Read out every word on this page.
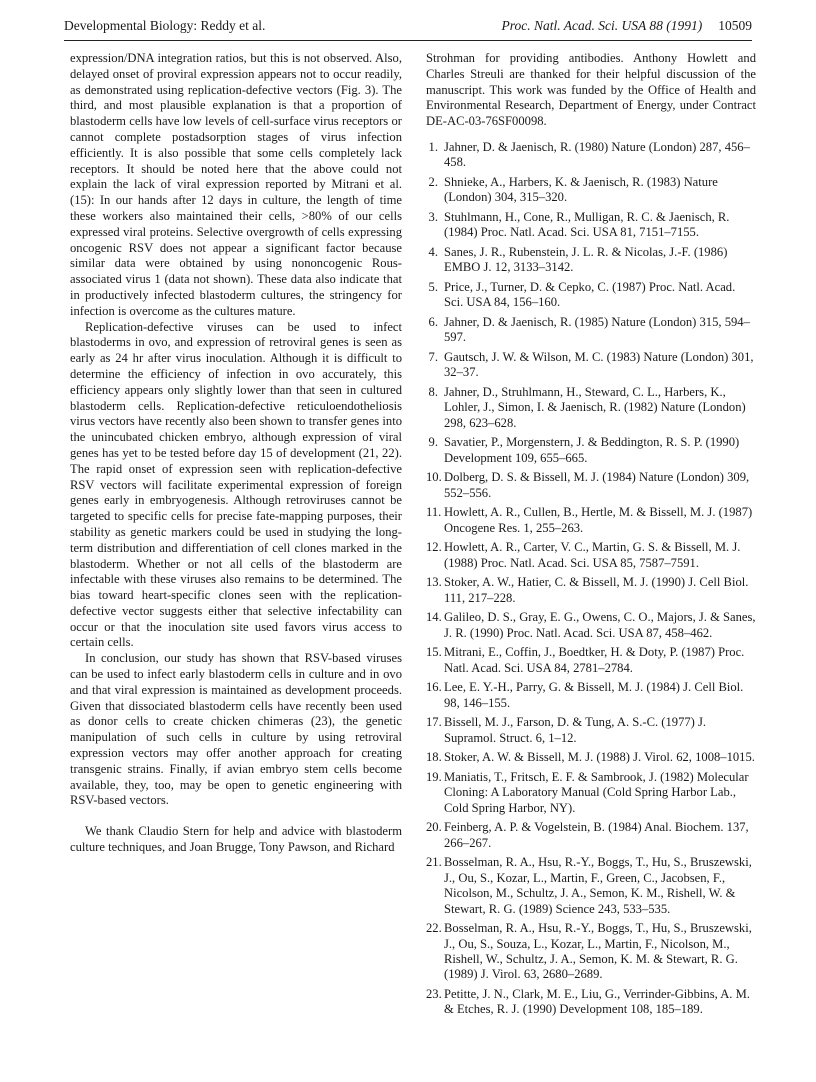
Developmental Biology: Reddy et al.	Proc. Natl. Acad. Sci. USA 88 (1991) 10509

expression/DNA integration ratios, but this is not observed. Also, delayed onset of proviral expression appears not to occur readily, as demonstrated using replication-defective vectors (Fig. 3). The third, and most plausible explanation is that a proportion of blastoderm cells have low levels of cell-surface virus receptors or cannot complete postadsorption stages of virus infection efficiently. It is also possible that some cells completely lack receptors. It should be noted here that the above could not explain the lack of viral expression reported by Mitrani et al. (15): In our hands after 12 days in culture, the length of time these workers also maintained their cells, >80% of our cells expressed viral proteins. Selective overgrowth of cells expressing oncogenic RSV does not appear a significant factor because similar data were obtained by using nononcogenic Rous-associated virus 1 (data not shown). These data also indicate that in productively infected blastoderm cultures, the stringency for infection is overcome as the cultures mature.

Replication-defective viruses can be used to infect blastoderms in ovo, and expression of retroviral genes is seen as early as 24 hr after virus inoculation. Although it is difficult to determine the efficiency of infection in ovo accurately, this efficiency appears only slightly lower than that seen in cultured blastoderm cells. Replication-defective reticuloendotheliosis virus vectors have recently also been shown to transfer genes into the unincubated chicken embryo, although expression of viral genes has yet to be tested before day 15 of development (21, 22). The rapid onset of expression seen with replication-defective RSV vectors will facilitate experimental expression of foreign genes early in embryogenesis. Although retroviruses cannot be targeted to specific cells for precise fate-mapping purposes, their stability as genetic markers could be used in studying the long-term distribution and differentiation of cell clones marked in the blastoderm. Whether or not all cells of the blastoderm are infectable with these viruses also remains to be determined. The bias toward heart-specific clones seen with the replication-defective vector suggests either that selective infectability can occur or that the inoculation site used favors virus access to certain cells.

In conclusion, our study has shown that RSV-based viruses can be used to infect early blastoderm cells in culture and in ovo and that viral expression is maintained as development proceeds. Given that dissociated blastoderm cells have recently been used as donor cells to create chicken chimeras (23), the genetic manipulation of such cells in culture by using retroviral expression vectors may offer another approach for creating transgenic strains. Finally, if avian embryo stem cells become available, they, too, may be open to genetic engineering with RSV-based vectors.

We thank Claudio Stern for help and advice with blastoderm culture techniques, and Joan Brugge, Tony Pawson, and Richard

Strohman for providing antibodies. Anthony Howlett and Charles Streuli are thanked for their helpful discussion of the manuscript. This work was funded by the Office of Health and Environmental Research, Department of Energy, under Contract DE-AC-03-76SF00098.

1. Jahner, D. & Jaenisch, R. (1980) Nature (London) 287, 456–458.
2. Shnieke, A., Harbers, K. & Jaenisch, R. (1983) Nature (London) 304, 315–320.
3. Stuhlmann, H., Cone, R., Mulligan, R. C. & Jaenisch, R. (1984) Proc. Natl. Acad. Sci. USA 81, 7151–7155.
4. Sanes, J. R., Rubenstein, J. L. R. & Nicolas, J.-F. (1986) EMBO J. 12, 3133–3142.
5. Price, J., Turner, D. & Cepko, C. (1987) Proc. Natl. Acad. Sci. USA 84, 156–160.
6. Jahner, D. & Jaenisch, R. (1985) Nature (London) 315, 594–597.
7. Gautsch, J. W. & Wilson, M. C. (1983) Nature (London) 301, 32–37.
8. Jahner, D., Struhlmann, H., Steward, C. L., Harbers, K., Lohler, J., Simon, I. & Jaenisch, R. (1982) Nature (London) 298, 623–628.
9. Savatier, P., Morgenstern, J. & Beddington, R. S. P. (1990) Development 109, 655–665.
10. Dolberg, D. S. & Bissell, M. J. (1984) Nature (London) 309, 552–556.
11. Howlett, A. R., Cullen, B., Hertle, M. & Bissell, M. J. (1987) Oncogene Res. 1, 255–263.
12. Howlett, A. R., Carter, V. C., Martin, G. S. & Bissell, M. J. (1988) Proc. Natl. Acad. Sci. USA 85, 7587–7591.
13. Stoker, A. W., Hatier, C. & Bissell, M. J. (1990) J. Cell Biol. 111, 217–228.
14. Galileo, D. S., Gray, E. G., Owens, C. O., Majors, J. & Sanes, J. R. (1990) Proc. Natl. Acad. Sci. USA 87, 458–462.
15. Mitrani, E., Coffin, J., Boedtker, H. & Doty, P. (1987) Proc. Natl. Acad. Sci. USA 84, 2781–2784.
16. Lee, E. Y.-H., Parry, G. & Bissell, M. J. (1984) J. Cell Biol. 98, 146–155.
17. Bissell, M. J., Farson, D. & Tung, A. S.-C. (1977) J. Supramol. Struct. 6, 1–12.
18. Stoker, A. W. & Bissell, M. J. (1988) J. Virol. 62, 1008–1015.
19. Maniatis, T., Fritsch, E. F. & Sambrook, J. (1982) Molecular Cloning: A Laboratory Manual (Cold Spring Harbor Lab., Cold Spring Harbor, NY).
20. Feinberg, A. P. & Vogelstein, B. (1984) Anal. Biochem. 137, 266–267.
21. Bosselman, R. A., Hsu, R.-Y., Boggs, T., Hu, S., Bruszewski, J., Ou, S., Kozar, L., Martin, F., Green, C., Jacobsen, F., Nicolson, M., Schultz, J. A., Semon, K. M., Rishell, W. & Stewart, R. G. (1989) Science 243, 533–535.
22. Bosselman, R. A., Hsu, R.-Y., Boggs, T., Hu, S., Bruszewski, J., Ou, S., Souza, L., Kozar, L., Martin, F., Nicolson, M., Rishell, W., Schultz, J. A., Semon, K. M. & Stewart, R. G. (1989) J. Virol. 63, 2680–2689.
23. Petitte, J. N., Clark, M. E., Liu, G., Verrinder-Gibbins, A. M. & Etches, R. J. (1990) Development 108, 185–189.
